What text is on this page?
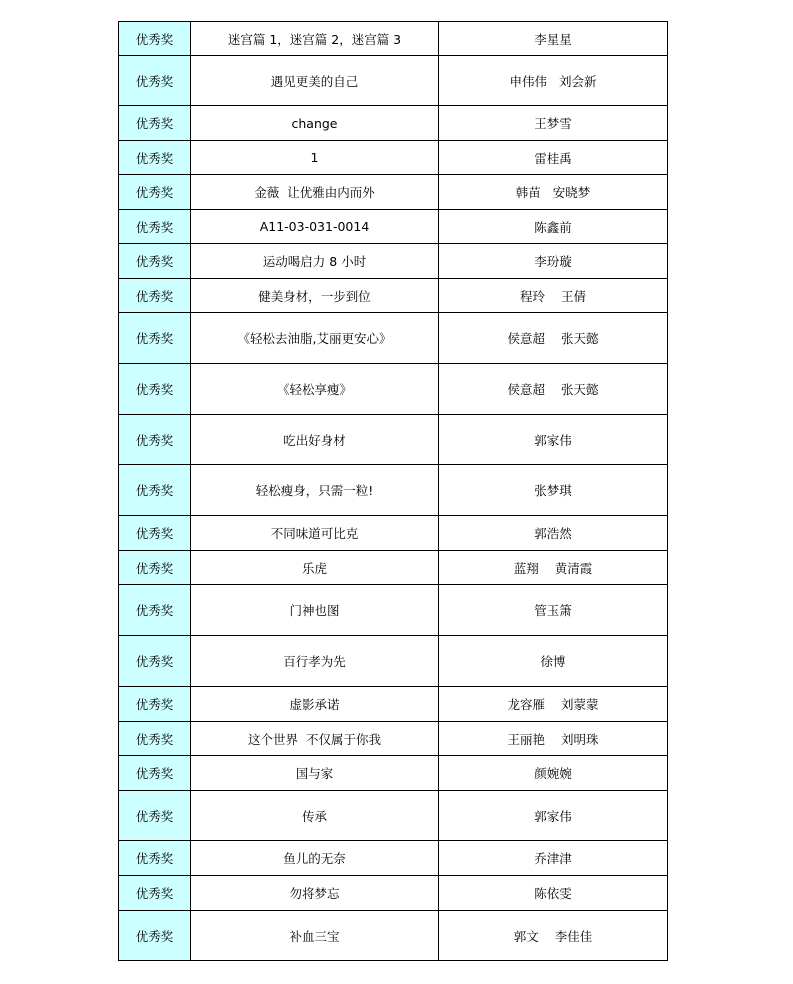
优秀奖	迷宫篇 1，迷宫篇 2，迷宫篇 3	李星星
优秀奖	遇见更美的自己	申伟伟   刘会新
优秀奖	change	王梦雪
优秀奖	1	雷桂禹
优秀奖	金薇  让优雅由内而外	韩苗   安晓梦
优秀奖	A11-03-031-0014	陈鑫前
优秀奖	运动喝启力 8 小时	李玢璇
优秀奖	健美身材，一步到位	程玲    王倩
优秀奖	《轻松去油脂,艾丽更安心》	侯意超    张天懿
优秀奖	《轻松享瘦》	侯意超    张天懿
优秀奖	吃出好身材	郭家伟
优秀奖	轻松瘦身，只需一粒!	张梦琪
优秀奖	不同味道可比克	郭浩然
优秀奖	乐虎	蓝翔    黄清霞
优秀奖	门神也图	管玉箫
优秀奖	百行孝为先	徐博
优秀奖	虚影承诺	龙容雁    刘蒙蒙
优秀奖	这个世界  不仅属于你我	王丽艳    刘明珠
优秀奖	国与家	颜婉婉
优秀奖	传承	郭家伟
优秀奖	鱼儿的无奈	乔津津
优秀奖	勿将梦忘	陈依雯
优秀奖	补血三宝	郭文    李佳佳
